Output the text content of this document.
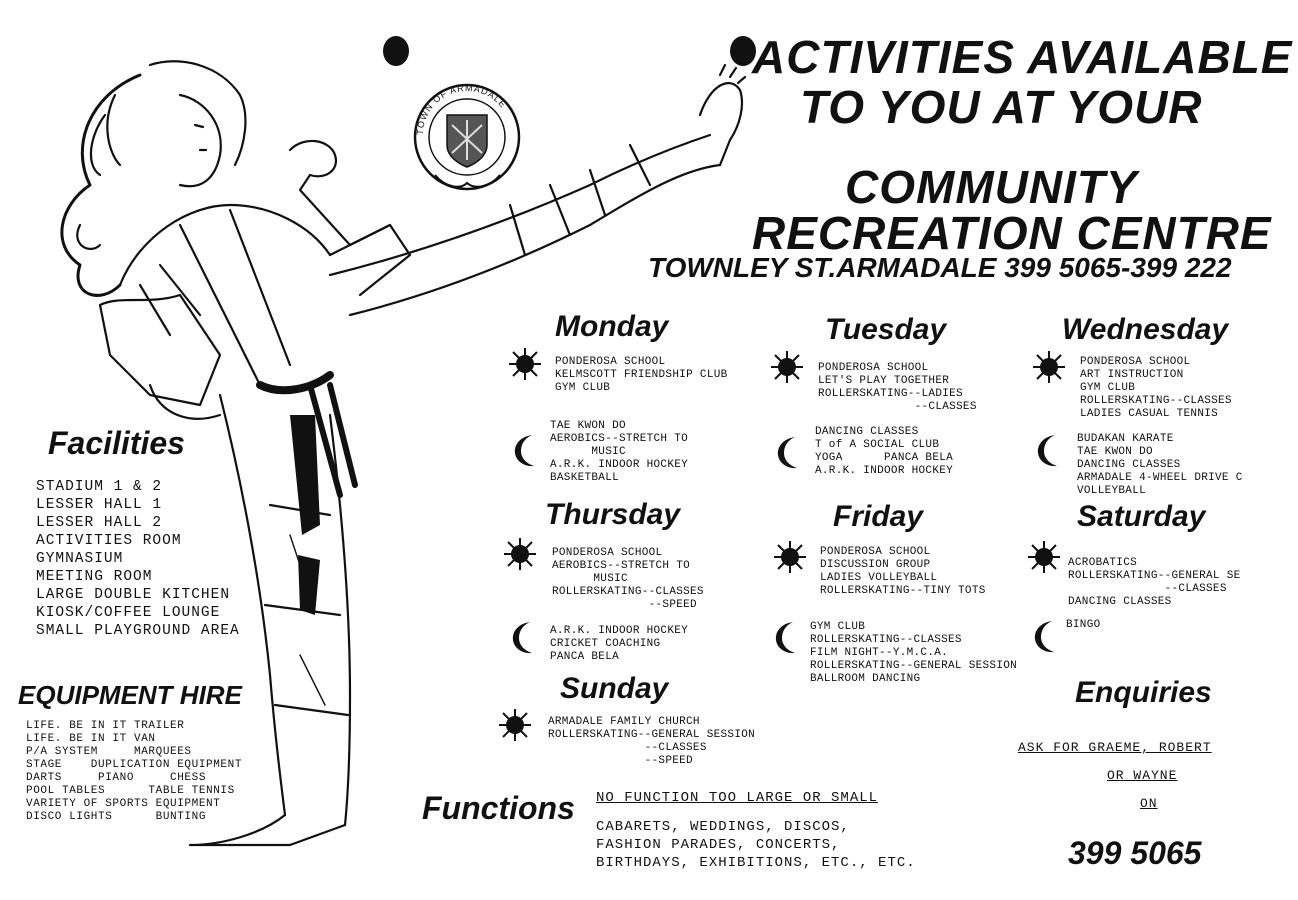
TOWN OF ARMADALE
ACTIVITIES AVAILABLE
TO YOU AT YOUR
COMMUNITY
RECREATION CENTRE
TOWNLEY ST.ARMADALE 399 5065-399 222
Facilities
STADIUM 1 & 2
LESSER HALL 1
LESSER HALL 2
ACTIVITIES ROOM
GYMNASIUM
MEETING ROOM
LARGE DOUBLE KITCHEN
KIOSK/COFFEE LOUNGE
SMALL PLAYGROUND AREA
EQUIPMENT HIRE
LIFE. BE IN IT TRAILER
LIFE. BE IN IT VAN
P/A SYSTEM     MARQUEES
STAGE    DUPLICATION EQUIPMENT
DARTS     PIANO     CHESS
POOL TABLES      TABLE TENNIS
VARIETY OF SPORTS EQUIPMENT
DISCO LIGHTS      BUNTING
Monday
PONDEROSA SCHOOL
KELMSCOTT FRIENDSHIP CLUB
GYM CLUB
TAE KWON DO
AEROBICS--STRETCH TO
MUSIC
A.R.K. INDOOR HOCKEY
BASKETBALL
Tuesday
PONDEROSA SCHOOL
LET'S PLAY TOGETHER
ROLLERSKATING--LADIES
--CLASSES
DANCING CLASSES
T of A SOCIAL CLUB
YOGA      PANCA BELA
A.R.K. INDOOR HOCKEY
Wednesday
PONDEROSA SCHOOL
ART INSTRUCTION
GYM CLUB
ROLLERSKATING--CLASSES
LADIES CASUAL TENNIS
BUDAKAN KARATE
TAE KWON DO
DANCING CLASSES
ARMADALE 4-WHEEL DRIVE C
VOLLEYBALL
Thursday
PONDEROSA SCHOOL
AEROBICS--STRETCH TO
MUSIC
ROLLERSKATING--CLASSES
--SPEED
A.R.K. INDOOR HOCKEY
CRICKET COACHING
PANCA BELA
Friday
PONDEROSA SCHOOL
DISCUSSION GROUP
LADIES VOLLEYBALL
ROLLERSKATING--TINY TOTS
GYM CLUB
ROLLERSKATING--CLASSES
FILM NIGHT--Y.M.C.A.
ROLLERSKATING--GENERAL SESSION
BALLROOM DANCING
Saturday
ACROBATICS
ROLLERSKATING--GENERAL SE
--CLASSES
DANCING CLASSES
BINGO
Sunday
ARMADALE FAMILY CHURCH
ROLLERSKATING--GENERAL SESSION
--CLASSES
--SPEED
Functions NO FUNCTION TOO LARGE OR SMALL
CABARETS, WEDDINGS, DISCOS,
FASHION PARADES, CONCERTS,
BIRTHDAYS, EXHIBITIONS, ETC., ETC.
Enquiries
ASK FOR GRAEME, ROBERT
OR WAYNE
ON
399 5065
